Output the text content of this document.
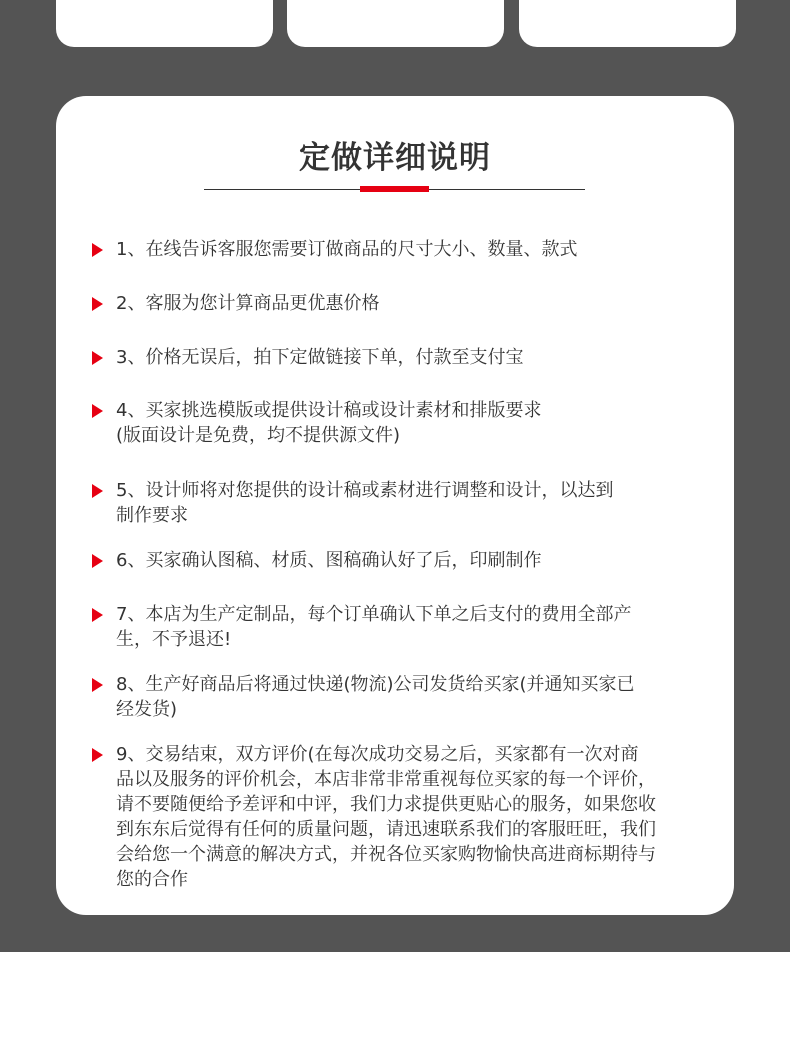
定做详细说明
1、在线告诉客服您需要订做商品的尺寸大小、数量、款式
2、客服为您计算商品更优惠价格
3、价格无误后，拍下定做链接下单，付款至支付宝
4、买家挑选模版或提供设计稿或设计素材和排版要求
(版面设计是免费，均不提供源文件)
5、设计师将对您提供的设计稿或素材进行调整和设计，以达到
制作要求
6、买家确认图稿、材质、图稿确认好了后，印刷制作
7、本店为生产定制品，每个订单确认下单之后支付的费用全部产
生，不予退还!
8、生产好商品后将通过快递(物流)公司发货给买家(并通知买家已
经发货)
9、交易结束，双方评价(在每次成功交易之后，买家都有一次对商
品以及服务的评价机会，本店非常非常重视每位买家的每一个评价，
请不要随便给予差评和中评，我们力求提供更贴心的服务，如果您收
到东东后觉得有任何的质量问题，请迅速联系我们的客服旺旺，我们
会给您一个满意的解决方式，并祝各位买家购物愉快高进商标期待与
您的合作
